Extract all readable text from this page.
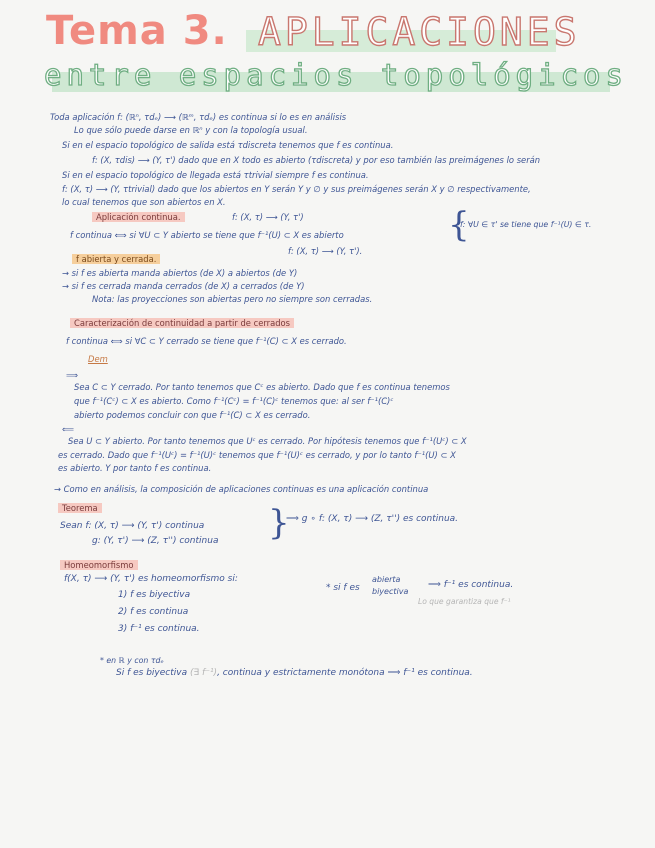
Tema 3. APLICACIONES
entre espacios topológicos
Toda aplicación f: (ℝⁿ, τdₑ) ⟶ (ℝᵐ, τdₑ) es continua si lo es en análisis
Lo que sólo puede darse en ℝⁿ y con la topología usual.
Si en el espacio topológico de salida está τdiscreta tenemos que f es continua.
f: (X, τdis) ⟶ (Y, τ') dado que en X todo es abierto (τdiscreta) y por eso también las preimágenes lo serán
Si en el espacio topológico de llegada está τtrivial siempre f es continua.
f: (X, τ) ⟶ (Y, τtrivial) dado que los abiertos en Y serán Y y ∅ y sus preimágenes serán X y ∅ respectivamente,
lo cual tenemos que son abiertos en X.
Aplicación continua.	f: (X, τ) ⟶ (Y, τ')
f continua ⟺ si ∀U ⊂ Y abierto se tiene que f⁻¹(U) ⊂ X es abierto	{
f: ∀U ∈ τ' se tiene que f⁻¹(U) ∈ τ.
f: (X, τ) ⟶ (Y, τ').
f abierta y cerrada.
→ si f es abierta manda abiertos (de X) a abiertos (de Y)
→ si f es cerrada manda cerrados (de X) a cerrados (de Y)
Nota: las proyecciones son abiertas pero no siempre son cerradas.
Caracterización de continuidad a partir de cerrados
f continua ⟺ si ∀C ⊂ Y cerrado se tiene que f⁻¹(C) ⊂ X es cerrado.
Dem
⟹
Sea C ⊂ Y cerrado. Por tanto tenemos que Cᶜ es abierto. Dado que f es continua tenemos
que f⁻¹(Cᶜ) ⊂ X es abierto. Como f⁻¹(Cᶜ) = f⁻¹(C)ᶜ tenemos que: al ser f⁻¹(C)ᶜ
abierto podemos concluir con que f⁻¹(C) ⊂ X es cerrado.
⟸
Sea U ⊂ Y abierto. Por tanto tenemos que Uᶜ es cerrado. Por hipótesis tenemos que f⁻¹(Uᶜ) ⊂ X
es cerrado. Dado que f⁻¹(Uᶜ) = f⁻¹(U)ᶜ tenemos que f⁻¹(U)ᶜ es cerrado, y por lo tanto f⁻¹(U) ⊂ X
es abierto. Y por tanto f es continua.
→ Como en análisis, la composición de aplicaciones continuas es una aplicación continua
Teorema
Sean f: (X, τ) ⟶ (Y, τ') continua
g: (Y, τ') ⟶ (Z, τ'') continua }
⟹ g ∘ f: (X, τ) ⟶ (Z, τ'') es continua.
Homeomorfismo
f(X, τ) ⟶ (Y, τ') es homeomorfismo si:
1) f es biyectiva
2) f es continua
3) f⁻¹ es continua.
* si f es
abierta
biyectiva
⟹ f⁻¹ es continua.
Lo que garantiza que f⁻¹
* en ℝ y con τdₑ
Si f es biyectiva (∃ f⁻¹), continua y estrictamente monótona ⟹ f⁻¹ es continua.
